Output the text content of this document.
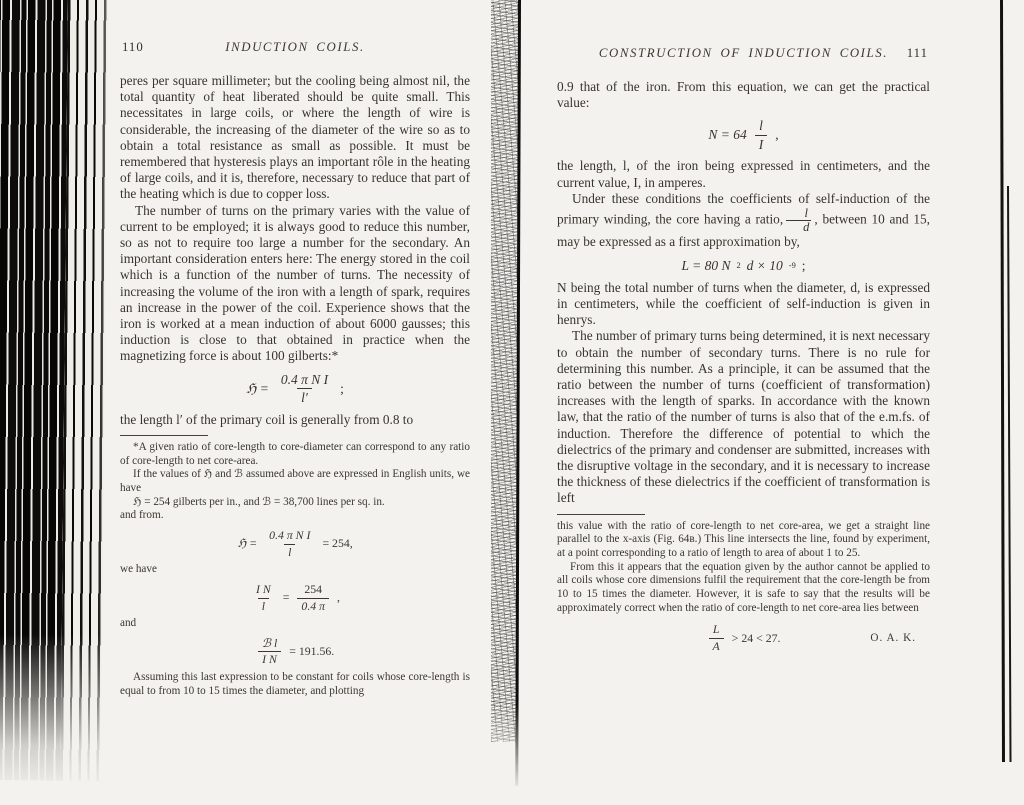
110	INDUCTION COILS.

peres per square millimeter; but the cooling being almost nil, the total quantity of heat liberated should be quite small. This necessitates in large coils, or where the length of wire is considerable, the increasing of the diameter of the wire so as to obtain a total resistance as small as possible. It must be remembered that hysteresis plays an important rôle in the heating of large coils, and it is, therefore, necessary to reduce that part of the heating which is due to copper loss.

The number of turns on the primary varies with the value of current to be employed; it is always good to reduce this number, so as not to require too large a number for the secondary. An important consideration enters here: The energy stored in the coil which is a function of the number of turns. The necessity of increasing the volume of the iron with a length of spark, requires an increase in the power of the coil. Experience shows that the iron is worked at a mean induction of about 6000 gausses; this induction is close to that obtained in practice when the magnetizing force is about 100 gilberts:*

ℌ = $\frac{\text{0.4 π N I}}{l'}$ ;

the length l′ of the primary coil is generally from 0.8 to

*A given ratio of core-length to core-diameter can correspond to any ratio of core-length to net core-area.

If the values of ℌ and ℬ assumed above are expressed in English units, we have

ℌ = 254 gilberts per in., and ℬ = 38,700 lines per sq. in.

and from.

ℌ = $\frac{\text{0.4 π N I}}{l} = 254$,

we have

$\frac{\text{I N}}{l} = \frac{254}{0.4 \pi}$ ,

and

$\frac{\text{ℬ l}}{\text{I N}} = 191.56$.

Assuming this last expression to be constant for coils whose core-length is equal to from 10 to 15 times the diameter, and plotting

CONSTRUCTION OF INDUCTION COILS.	111

0.9 that of the iron. From this equation, we can get the practical value:

$N = 64 \frac{l}{I}$ ,

the length, l, of the iron being expressed in centimeters, and the current value, I, in amperes.

Under these conditions the coefficients of self-induction of the primary winding, the core having a ratio, $\frac{l}{d}$ , between 10 and 15, may be expressed as a first approximation by,

L = 80 N 2 d × 10 -9 ;

N being the total number of turns when the diameter, d, is expressed in centimeters, while the coefficient of self-induction is given in henrys.

The number of primary turns being determined, it is next necessary to obtain the number of secondary turns. There is no rule for determining this number. As a principle, it can be assumed that the ratio between the number of turns (coefficient of transformation) increases with the length of sparks. In accordance with the known law, that the ratio of the number of turns is also that of the e.m.fs. of induction. Therefore the difference of potential to which the dielectrics of the primary and condenser are submitted, increases with the disruptive voltage in the secondary, and it is necessary to increase the thickness of these dielectrics if the coefficient of transformation is left

this value with the ratio of core-length to net core-area, we get a straight line parallel to the x-axis (Fig. 64ʙ.) This line intersects the line, found by experiment, at a point corresponding to a ratio of length to area of about 1 to 25.

From this it appears that the equation given by the author cannot be applied to all coils whose core dimensions fulfil the requirement that the core-length be from 10 to 15 times the diameter. However, it is safe to say that the results will be approximately correct when the ratio of core-length to net core-area lies between

$\frac{L}{A} > 24 < 27$.	O. A. K.
